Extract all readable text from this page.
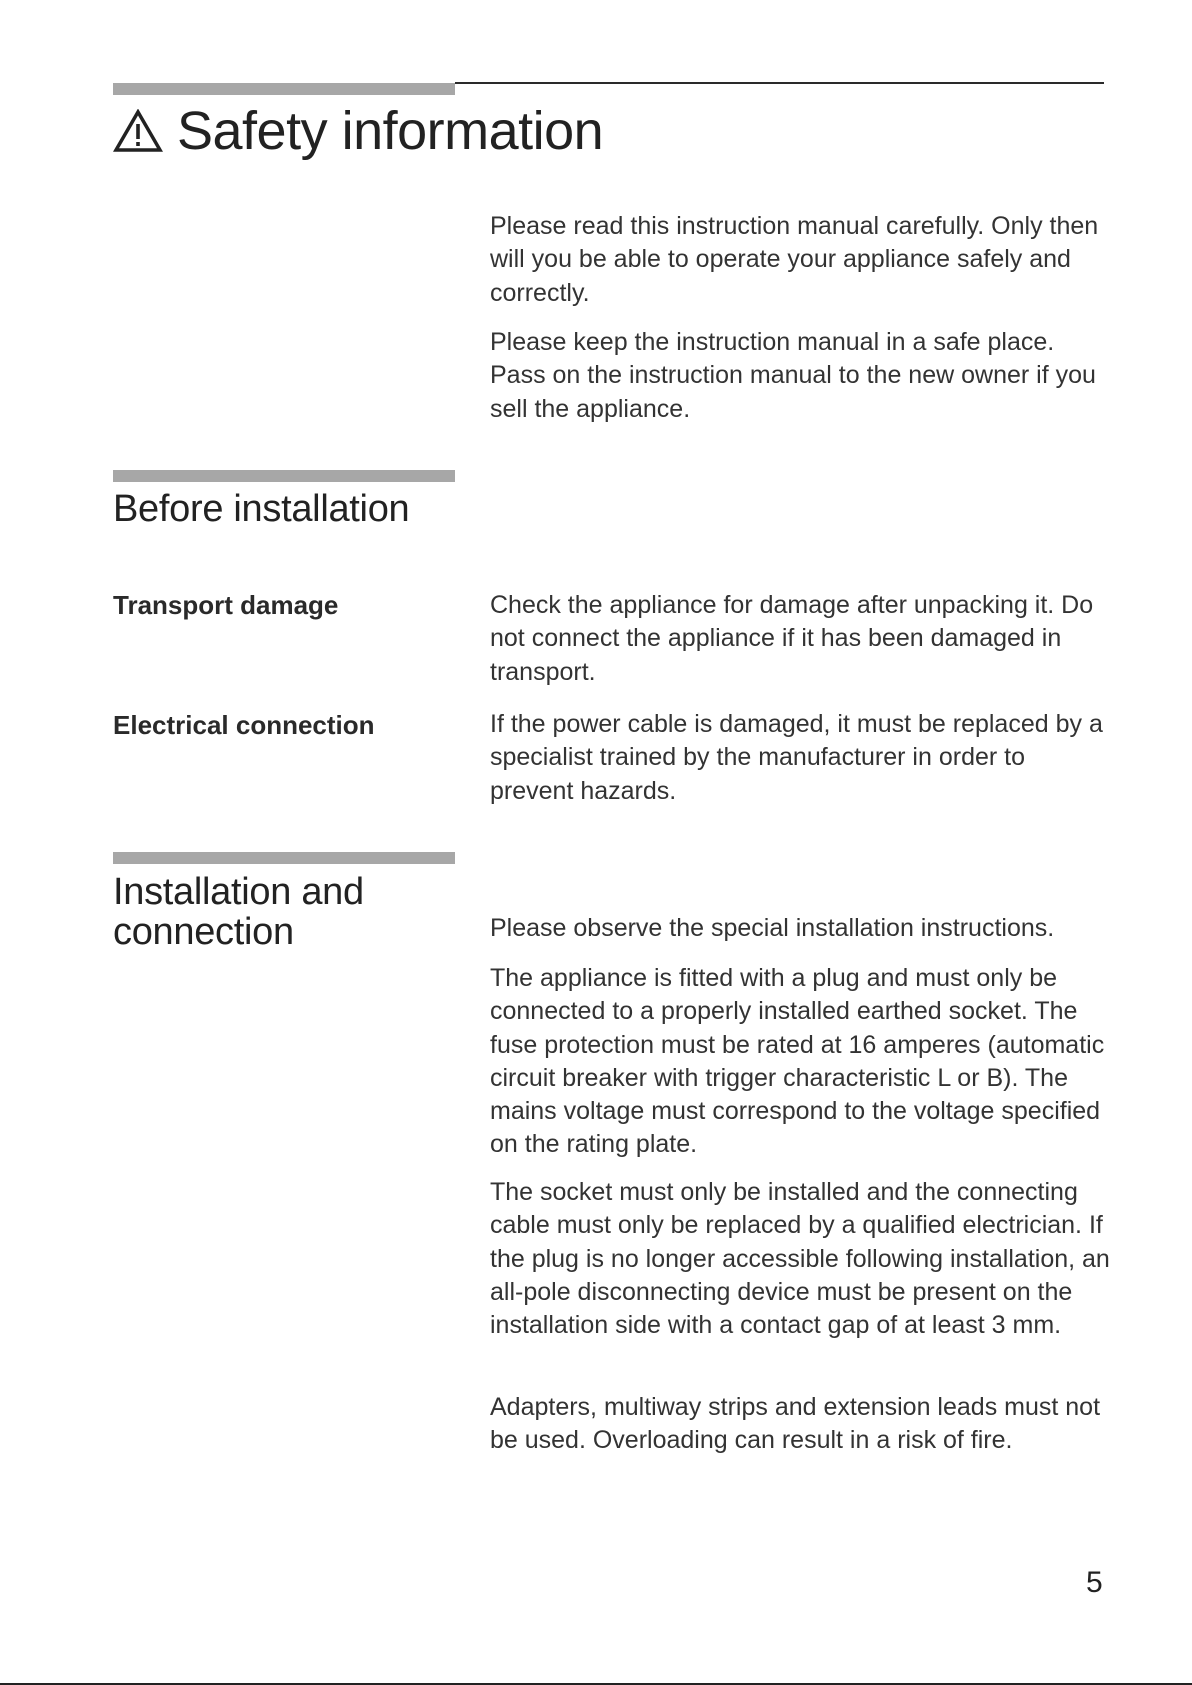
Safety information

Please read this instruction manual carefully. Only then will you be able to operate your appliance safely and correctly.

Please keep the instruction manual in a safe place. Pass on the instruction manual to the new owner if you sell the appliance.

Before installation
Transport damage	Check the appliance for damage after unpacking it. Do not connect the appliance if it has been damaged in transport.

Electrical connection	If the power cable is damaged, it must be replaced by a specialist trained by the manufacturer in order to prevent hazards.

Installation and
connection	Please observe the special installation instructions.

The appliance is fitted with a plug and must only be connected to a properly installed earthed socket. The fuse protection must be rated at 16 amperes (automatic circuit breaker with trigger characteristic L or B). The mains voltage must correspond to the voltage specified on the rating plate.

The socket must only be installed and the connecting cable must only be replaced by a qualified electrician. If the plug is no longer accessible following installation, an all-pole disconnecting device must be present on the installation side with a contact gap of at least 3 mm.

Adapters, multiway strips and extension leads must not be used. Overloading can result in a risk of fire.

5
